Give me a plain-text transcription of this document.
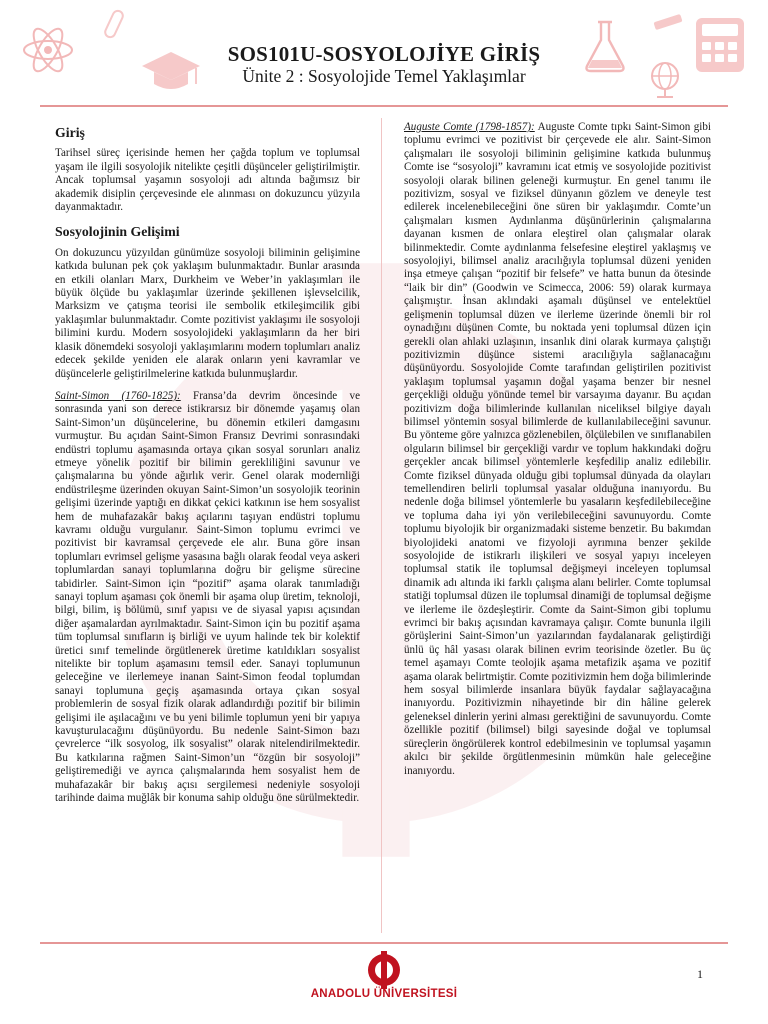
SOS101U-SOSYOLOJİYE GİRİŞ
Ünite 2 : Sosyolojide Temel Yaklaşımlar
Giriş

Tarihsel süreç içerisinde hemen her çağda toplum ve toplumsal yaşam ile ilgili sosyolojik nitelikte çeşitli düşünceler geliştirilmiştir. Ancak toplumsal yaşamın sosyoloji adı altında bağımsız bir akademik disiplin çerçevesinde ele alınması on dokuzuncu yüzyıla dayanmaktadır.

Sosyolojinin Gelişimi

On dokuzuncu yüzyıldan günümüze sosyoloji biliminin gelişimine katkıda bulunan pek çok yaklaşım bulunmaktadır. Bunlar arasında en etkili olanları Marx, Durkheim ve Weber’in yaklaşımları ile büyük ölçüde bu yaklaşımlar üzerinde şekillenen işlevselcilik, Marksizm ve çatışma teorisi ile sembolik etkileşimcilik gibi yaklaşımlar bulunmaktadır. Comte pozitivist yaklaşımı ile sosyoloji bilimini kurdu. Modern sosyolojideki yaklaşımların da her biri klasik dönemdeki sosyoloji yaklaşımlarını modern toplumları analiz edecek şekilde yeniden ele alarak onların yeni kavramlar ve düşüncelerle geliştirilmelerine katkıda bulunmuşlardır.

Saint-Simon (1760-1825): Fransa’da devrim öncesinde ve sonrasında yani son derece istikrarsız bir dönemde yaşamış olan Saint-Simon’un düşüncelerine, bu dönemin etkileri damgasını vurmuştur. Bu açıdan Saint-Simon Fransız Devrimi sonrasındaki endüstri toplumu aşamasında ortaya çıkan sosyal sorunları analiz etmeye yönelik pozitif bir bilimin gerekliliğini savunur ve çalışmalarına bu yönde ağırlık verir. Genel olarak modernliği endüstrileşme üzerinden okuyan Saint-Simon’un sosyolojik teorinin gelişimi üzerinde yaptığı en dikkat çekici katkının ise hem sosyalist hem de muhafazakâr bakış açılarını taşıyan endüstri toplumu kavramı olduğu vurgulanır. Saint-Simon toplumu evrimci ve pozitivist bir kavramsal çerçevede ele alır. Buna göre insan toplumları evrimsel gelişme yasasına bağlı olarak feodal veya askeri toplumlardan sanayi toplumlarına doğru bir gelişme sürecine tabidirler. Saint-Simon için “pozitif” aşama olarak tanımladığı sanayi toplum aşaması çok önemli bir aşama olup üretim, teknoloji, bilgi, bilim, iş bölümü, sınıf yapısı ve de siyasal yapısı açısından diğer aşamalardan ayrılmaktadır. Saint-Simon için bu pozitif aşama tüm toplumsal sınıfların iş birliği ve uyum halinde tek bir kolektif üretici sınıf temelinde örgütlenerek üretime katıldıkları sosyalist nitelikte bir toplum aşamasını temsil eder. Sanayi toplumunun geleceğine ve ilerlemeye inanan Saint-Simon feodal toplumdan sanayi toplumuna geçiş aşamasında ortaya çıkan sosyal problemlerin de sosyal fizik olarak adlandırdığı pozitif bir bilimin gelişimi ile aşılacağını ve bu yeni bilimle toplumun yeni bir yapıya kavuşturulacağını düşünüyordu. Bu nedenle Saint-Simon bazı çevrelerce “ilk sosyolog, ilk sosyalist” olarak nitelendirilmektedir. Bu katkılarına rağmen Saint-Simon’un “özgün bir sosyoloji” geliştiremediği ve ayrıca çalışmalarında hem sosyalist hem de muhafazakâr bir bakış açısı sergilemesi nedeniyle sosyoloji tarihinde daima muğlâk bir konuma sahip olduğu öne sürülmektedir.

Auguste Comte (1798-1857): Auguste Comte tıpkı Saint-Simon gibi toplumu evrimci ve pozitivist bir çerçevede ele alır. Saint-Simon çalışmaları ile sosyoloji biliminin gelişimine katkıda bulunmuş Comte ise “sosyoloji” kavramını icat etmiş ve sosyolojide pozitivist sosyoloji olarak bilinen geleneği kurmuştur. En genel tanımı ile pozitivizm, sosyal ve fiziksel dünyanın gözlem ve deneyle test edilerek incelenebileceğini öne süren bir yaklaşımdır. Comte’un çalışmaları kısmen Aydınlanma düşünürlerinin çalışmalarına dayanan kısmen de onlara eleştirel olan çalışmalar olarak bilinmektedir. Comte aydınlanma felsefesine eleştirel yaklaşmış ve sosyolojiyi, bilimsel analiz aracılığıyla toplumsal düzeni yeniden inşa etmeye çalışan “pozitif bir felsefe” ve hatta bunun da ötesinde “laik bir din” (Goodwin ve Scimecca, 2006: 59) olarak kurmaya çalışmıştır. İnsan aklındaki aşamalı düşünsel ve entelektüel gelişmenin toplumsal düzen ve ilerleme üzerinde önemli bir rol oynadığını düşünen Comte, bu noktada yeni toplumsal düzen için gerekli olan ahlaki uzlaşının, insanlık dini olarak kurmaya çalıştığı pozitivizmin düşünce sistemi aracılığıyla sağlanacağını düşünüyordu. Sosyolojide Comte tarafından geliştirilen pozitivist yaklaşım toplumsal yaşamın doğal yaşama benzer bir nesnel gerçekliği olduğu yönünde temel bir varsayıma dayanır. Bu açıdan pozitivizm doğa bilimlerinde kullanılan niceliksel bilgiye dayalı bilimsel yöntemin sosyal bilimlerde de kullanılabileceğini savunur. Bu yönteme göre yalnızca gözlenebilen, ölçülebilen ve sınıflanabilen olguların bilimsel bir gerçekliği vardır ve toplum hakkındaki doğru gerçekler ancak bilimsel yöntemlerle keşfedilip analiz edilebilir. Comte fiziksel dünyada olduğu gibi toplumsal dünyada da olayları temellendiren belirli toplumsal yasalar olduğuna inanıyordu. Bu nedenle doğa bilimsel yöntemlerle bu yasaların keşfedilebileceğine ve topluma daha iyi yön verilebileceğini savunuyordu. Comte toplumu biyolojik bir organizmadaki sisteme benzetir. Bu bakımdan biyolojideki anatomi ve fizyoloji ayrımına benzer şekilde sosyolojide de istikrarlı ilişkileri ve sosyal yapıyı inceleyen toplumsal statik ile toplumsal değişmeyi inceleyen toplumsal dinamik adı altında iki farklı çalışma alanı belirler. Comte toplumsal statiği toplumsal düzen ile toplumsal dinamiği de toplumsal değişme ve ilerleme ile özdeşleştirir. Comte da Saint-Simon gibi toplumu evrimci bir bakış açısından kavramaya çalışır. Comte bununla ilgili görüşlerini Saint-Simon’un yazılarından faydalanarak geliştirdiği ünlü üç hâl yasası olarak bilinen evrim teorisinde özetler. Bu üç temel aşamayı Comte teolojik aşama metafizik aşama ve pozitif aşama olarak belirtmiştir. Comte pozitivizmin hem doğa bilimlerinde hem sosyal bilimlerde insanlara büyük faydalar sağlayacağına inanıyordu. Pozitivizmin nihayetinde bir din hâline gelerek geleneksel dinlerin yerini alması gerektiğini de savunuyordu. Comte özellikle pozitif (bilimsel) bilgi sayesinde doğal ve toplumsal süreçlerin öngörülerek kontrol edebilmesinin ve toplumsal yaşamın akılcı bir şekilde örgütlenmesinin mümkün hale geleceğine inanıyordu.

ANADOLU ÜNİVERSİTESİ
1
